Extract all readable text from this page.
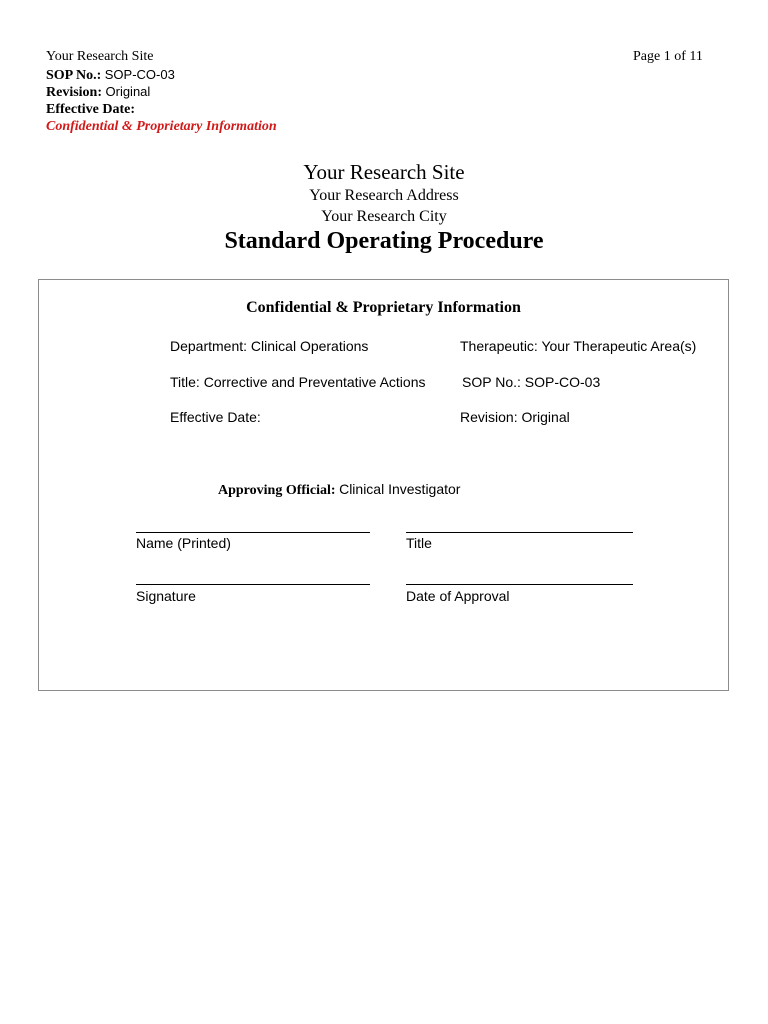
Your Research Site	Page 1 of 11
SOP No.: SOP-CO-03
Revision: Original
Effective Date:
Confidential & Proprietary Information
Your Research Site
Your Research Address
Your Research City
Standard Operating Procedure
Confidential & Proprietary Information
Department: Clinical Operations	Therapeutic: Your Therapeutic Area(s)
Title: Corrective and Preventative Actions	SOP No.: SOP-CO-03
Effective Date:	Revision: Original
Approving Official: Clinical Investigator
Name (Printed)	Title
Signature	Date of Approval
